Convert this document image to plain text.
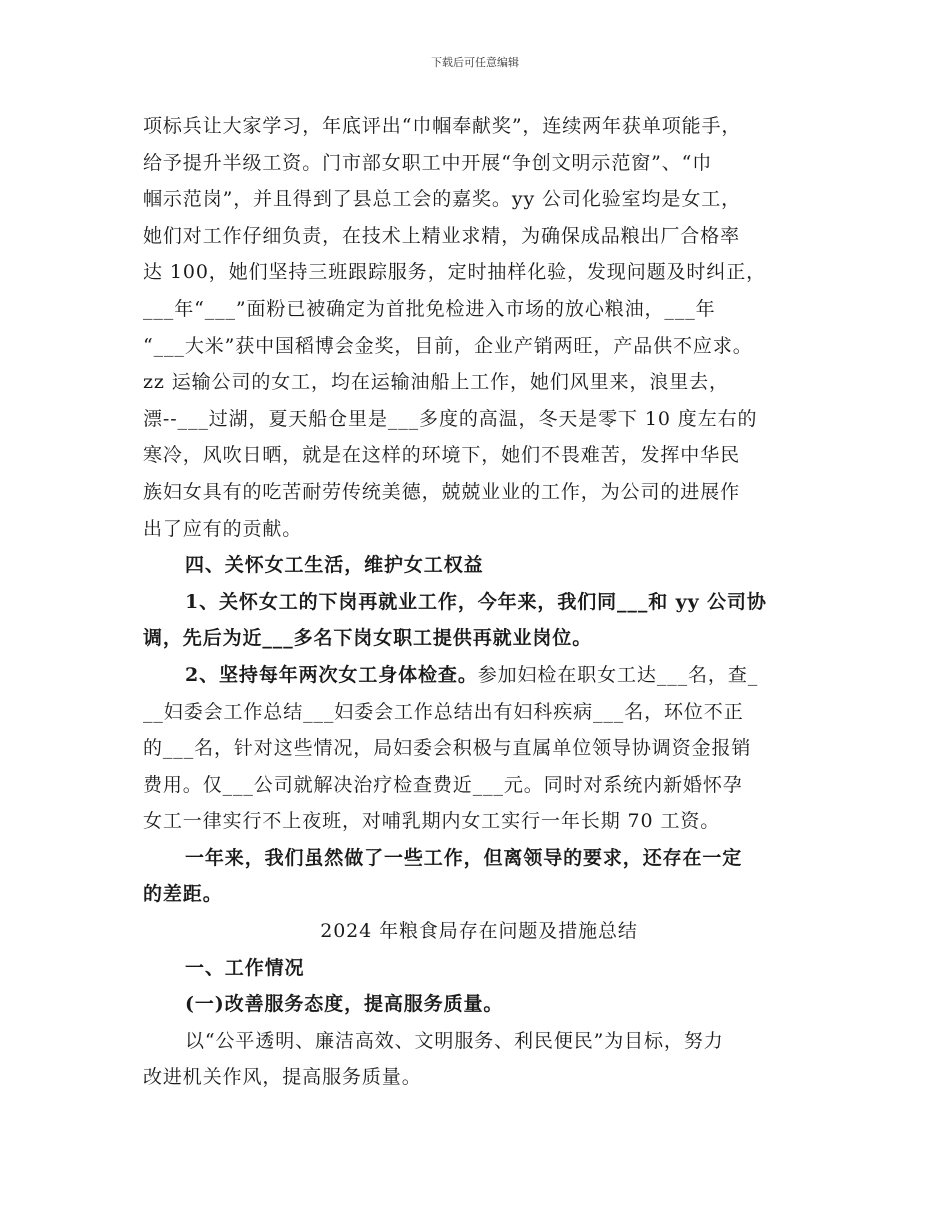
下载后可任意编辑
项标兵让大家学习，年底评出“巾帼奉献奖”，连续两年获单项能手，
给予提升半级工资。门市部女职工中开展“争创文明示范窗”、“巾
帼示范岗”，并且得到了县总工会的嘉奖。yy 公司化验室均是女工，
她们对工作仔细负责，在技术上精业求精，为确保成品粮出厂合格率
达 100，她们坚持三班跟踪服务，定时抽样化验，发现问题及时纠正，
___年“___”面粉已被确定为首批免检进入市场的放心粮油，___年
“___大米”获中国稻博会金奖，目前，企业产销两旺，产品供不应求。
zz 运输公司的女工，均在运输油船上工作，她们风里来，浪里去，
漂--___过湖，夏天船仓里是___多度的高温，冬天是零下 10 度左右的
寒冷，风吹日晒，就是在这样的环境下，她们不畏难苦，发挥中华民
族妇女具有的吃苦耐劳传统美德，兢兢业业的工作，为公司的进展作
出了应有的贡献。
四、关怀女工生活，维护女工权益
1、关怀女工的下岗再就业工作，今年来，我们同___和 yy 公司协
调，先后为近___多名下岗女职工提供再就业岗位。
2、坚持每年两次女工身体检查。参加妇检在职女工达___名，查_
__妇委会工作总结___妇委会工作总结出有妇科疾病___名，环位不正
的___名，针对这些情况，局妇委会积极与直属单位领导协调资金报销
费用。仅___公司就解决治疗检查费近___元。同时对系统内新婚怀孕
女工一律实行不上夜班，对哺乳期内女工实行一年长期 70 工资。
一年来，我们虽然做了一些工作，但离领导的要求，还存在一定
的差距。
2024 年粮食局存在问题及措施总结
一、工作情况
(一)改善服务态度，提高服务质量。
以“公平透明、廉洁高效、文明服务、利民便民”为目标，努力
改进机关作风，提高服务质量。
